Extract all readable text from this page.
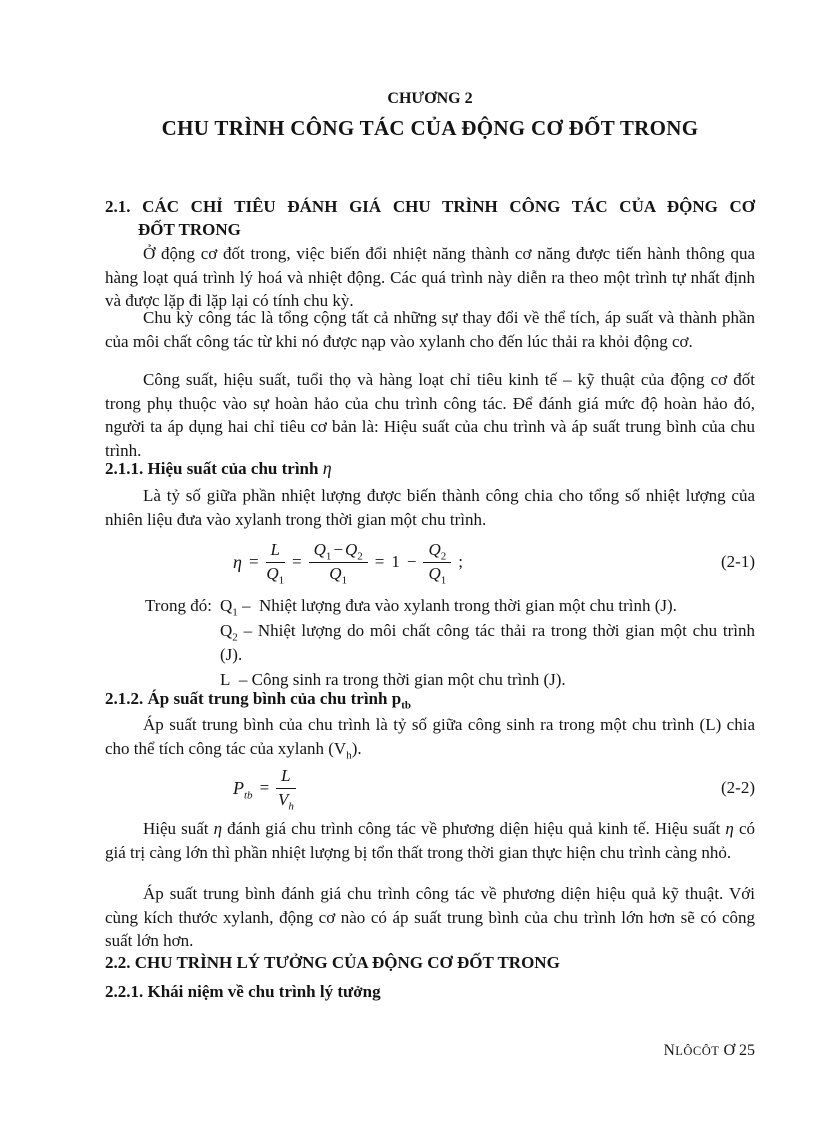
CHƯƠNG 2
CHU TRÌNH CÔNG TÁC CỦA ĐỘNG CƠ ĐỐT TRONG
2.1. CÁC CHỈ TIÊU ĐÁNH GIÁ CHU TRÌNH CÔNG TÁC CỦA ĐỘNG CƠ
ĐỐT TRONG

Ở động cơ đốt trong, việc biến đổi nhiệt năng thành cơ năng được tiến hành thông qua hàng loạt quá trình lý hoá và nhiệt động. Các quá trình này diễn ra theo một trình tự nhất định và được lặp đi lặp lại có tính chu kỳ.

Chu kỳ công tác là tổng cộng tất cả những sự thay đổi về thể tích, áp suất và thành phần của môi chất công tác từ khi nó được nạp vào xylanh cho đến lúc thải ra khỏi động cơ.

Công suất, hiệu suất, tuổi thọ và hàng loạt chỉ tiêu kinh tế – kỹ thuật của động cơ đốt trong phụ thuộc vào sự hoàn hảo của chu trình công tác. Để đánh giá mức độ hoàn hảo đó, người ta áp dụng hai chỉ tiêu cơ bản là: Hiệu suất của chu trình và áp suất trung bình của chu trình.

2.1.1. Hiệu suất của chu trình η

Là tỷ số giữa phần nhiệt lượng được biến thành công chia cho tổng số nhiệt lượng của nhiên liệu đưa vào xylanh trong thời gian một chu trình.

$\eta = \frac{L}{Q_1} = \frac{Q_1 - Q_2}{Q_1} = 1 - \frac{Q_2}{Q_1}$ ;	(2-1)
Trong đó: $Q_1$ – Nhiệt lượng đưa vào xylanh trong thời gian một chu trình (J).
$Q_2$ – Nhiệt lượng do môi chất công tác thải ra trong thời gian một chu trình (J).
L – Công sinh ra trong thời gian một chu trình (J).
2.1.2. Áp suất trung bình của chu trình $p_{tb}$

Áp suất trung bình của chu trình là tỷ số giữa công sinh ra trong một chu trình (L) chia cho thể tích công tác của xylanh $(V_h)$.

$P_{tb} = \frac{L}{V_h}$	(2-2)

Hiệu suất η đánh giá chu trình công tác về phương diện hiệu quả kinh tế. Hiệu suất η có giá trị càng lớn thì phần nhiệt lượng bị tổn thất trong thời gian thực hiện chu trình càng nhỏ.

Áp suất trung bình đánh giá chu trình công tác về phương diện hiệu quả kỹ thuật. Với cùng kích thước xylanh, động cơ nào có áp suất trung bình của chu trình lớn hơn sẽ có công suất lớn hơn.

2.2. CHU TRÌNH LÝ TƯỞNG CỦA ĐỘNG CƠ ĐỐT TRONG
2.2.1. Khái niệm về chu trình lý tưởng
NLÔCÔT Ơ 25
